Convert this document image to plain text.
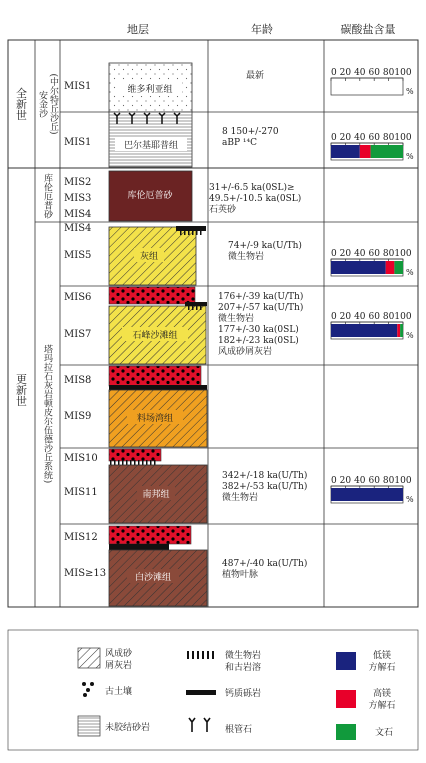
地层	年龄	碳酸盐含量
全新世
更新世
安金沙 (中尔特丘沙丘)
库伦厄普砂
塔玛拉石灰岩顿皮尔伍德沙丘系统)
MIS1
MIS1
MIS2
MIS3
MIS4
MIS4
MIS5
MIS6
MIS7
MIS8
MIS9
MIS10
MIS11
MIS12
MIS≥13
维多利亚组
巴尔基耶普组
库伦厄普砂
灰组
石峰沙滩组
料场湾组
南邦组
白沙滩组
最新
8 150+/-270
aBP ¹⁴C
31+/-6.5 ka(0SL)≥
49.5+/-10.5 ka(0SL)
石英砂
74+/-9 ka(U/Th)
微生物岩
176+/-39 ka(U/Th)
207+/-57 ka(U/Th)
微生物岩
177+/-30 ka(0SL)
182+/-23 ka(0SL)
风成砂屑灰岩
342+/-18 ka(U/Th)
382+/-53 ka(U/Th)
微生物岩
487+/-40 ka(U/Th)
植物叶脉
0 20 40 60 80 100
%
0 20 40 60 80 100
%
0 20 40 60 80 100
%
0 20 40 60 80 100
%
0 20 40 60 80 100
%
风成砂
屑灰岩
古土壤
未胶结砂岩
微生物岩
和古岩溶
钙质砾岩
根管石
低镁
方解石
高镁
方解石
文石
